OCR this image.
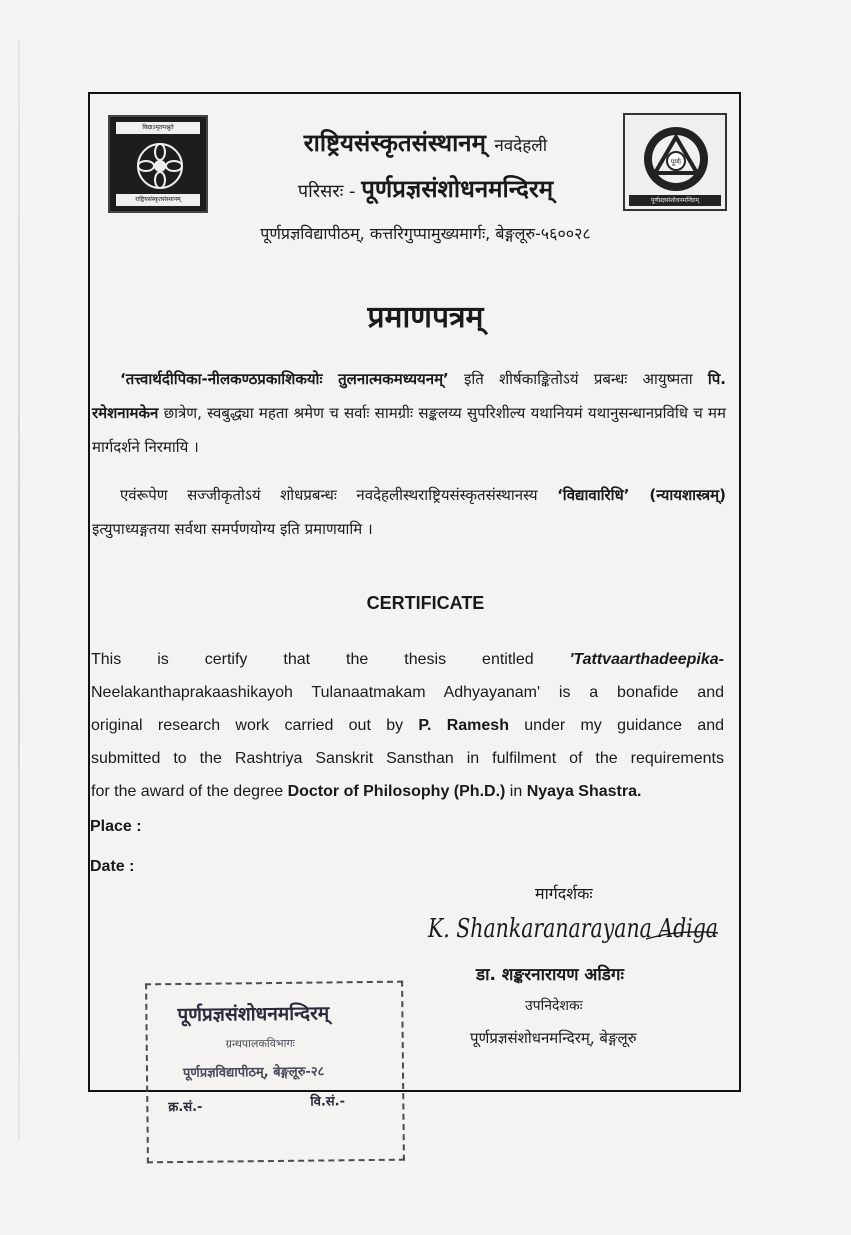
विद्याऽमृतमश्नुते
राष्ट्रियसंस्कृतसंस्थानम्
पूर्णः
पूर्णप्रज्ञसंशोधनमन्दिरम्
राष्ट्रियसंस्कृतसंस्थानम् नवदेहली
परिसरः - पूर्णप्रज्ञसंशोधनमन्दिरम्
पूर्णप्रज्ञविद्यापीठम्, कत्तरिगुप्पामुख्यमार्गः, बेङ्गलूरु-५६००२८
प्रमाणपत्रम्
‘तत्त्वार्थदीपिका-नीलकण्ठप्रकाशिकयोः तुलनात्मकमध्ययनम्’ इति शीर्षकाङ्कितोऽयं प्रबन्धः आयुष्मता पि. रमेशनामकेन छात्रेण, स्वबुद्ध्या महता श्रमेण च सर्वाः सामग्रीः सङ्कलय्य सुपरिशील्य यथानियमं यथानुसन्धानप्रविधि च मम मार्गदर्शने निरमायि ।
एवंरूपेण सज्जीकृतोऽयं शोधप्रबन्धः नवदेहलीस्थराष्ट्रियसंस्कृतसंस्थानस्य ‘विद्यावारिधि’ (न्यायशास्त्रम्) इत्युपाध्यङ्गतया सर्वथा समर्पणयोग्य इति प्रमाणयामि ।
CERTIFICATE
This is certify that the thesis entitled 'Tattvaarthadeepika-
Neelakanthaprakaashikayoh Tulanaatmakam Adhyayanam' is a bonafide and
original research work carried out by P. Ramesh under my guidance and
submitted to the Rashtriya Sanskrit Sansthan in fulfilment of the requirements
for the award of the degree Doctor of Philosophy (Ph.D.) in Nyaya Shastra.
Place :
Date :
मार्गदर्शकः
K. Shankaranarayana Adiga
डा. शङ्करनारायण अडिगः
उपनिदेशकः
पूर्णप्रज्ञसंशोधनमन्दिरम्, बेङ्गलूरु
पूर्णप्रज्ञसंशोधनमन्दिरम्
ग्रन्थपालकविभागः
पूर्णप्रज्ञविद्यापीठम्, बेङ्गलूरु-२८
क्र.सं.-	वि.सं.-
